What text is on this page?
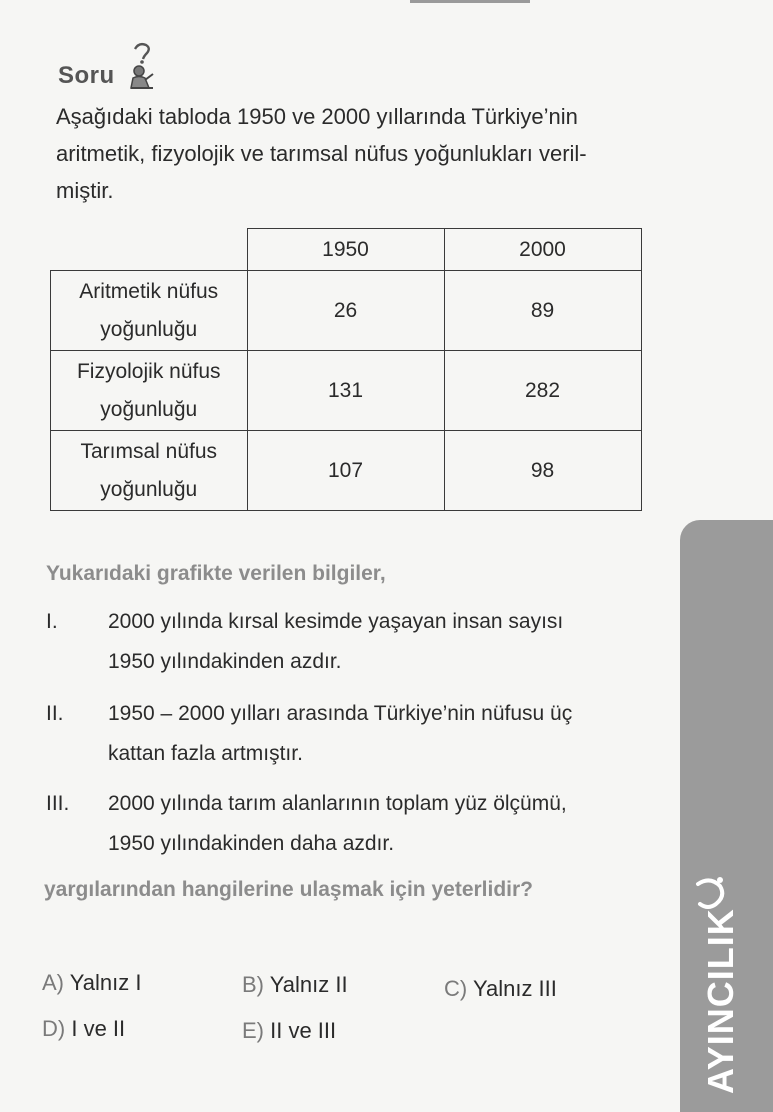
Soru
Aşağıdaki tabloda 1950 ve 2000 yıllarında Türkiye’nin
aritmetik, fizyolojik ve tarımsal nüfus yoğunlukları veril-
miştir.
	1950	2000

Aritmetik nüfus
yoğunluğu	26	89

Fizyolojik nüfus
yoğunluğu	131	282

Tarımsal nüfus
yoğunluğu	107	98
Yukarıdaki grafikte verilen bilgiler,
I. 2000 yılında kırsal kesimde yaşayan insan sayısı
1950 yılındakinden azdır.
II. 1950 – 2000 yılları arasında Türkiye’nin nüfusu üç
kattan fazla artmıştır.
III. 2000 yılında tarım alanlarının toplam yüz ölçümü,
1950 yılındakinden daha azdır.
yargılarından hangilerine ulaşmak için yeterlidir?
A) Yalnız I	B) Yalnız II	C) Yalnız III
D) I ve II	E) II ve III	AYINCILIK
